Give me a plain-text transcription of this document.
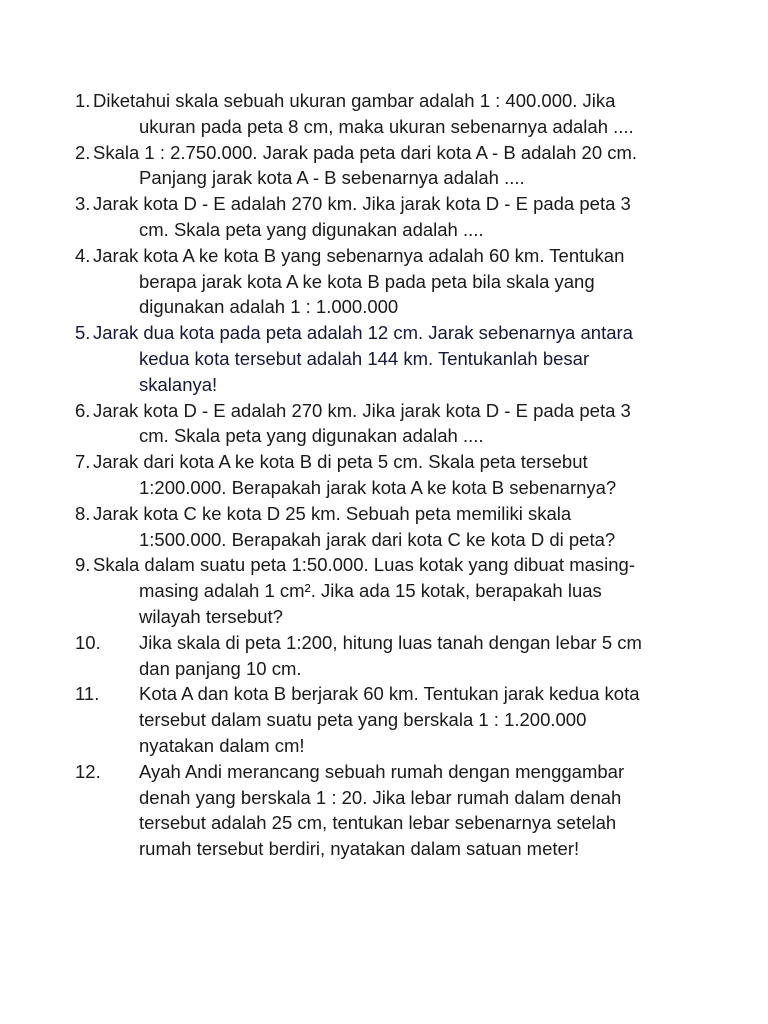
1. Diketahui skala sebuah ukuran gambar adalah 1 : 400.000. Jika
ukuran pada peta 8 cm, maka ukuran sebenarnya adalah ....
2. Skala 1 : 2.750.000. Jarak pada peta dari kota A - B adalah 20 cm.
Panjang jarak kota A - B sebenarnya adalah ....
3. Jarak kota D - E adalah 270 km. Jika jarak kota D - E pada peta 3
cm. Skala peta yang digunakan adalah ....
4. Jarak kota A ke kota B yang sebenarnya adalah 60 km. Tentukan
berapa jarak kota A ke kota B pada peta bila skala yang
digunakan adalah 1 : 1.000.000
5. Jarak dua kota pada peta adalah 12 cm. Jarak sebenarnya antara
kedua kota tersebut adalah 144 km. Tentukanlah besar
skalanya!
6. Jarak kota D - E adalah 270 km. Jika jarak kota D - E pada peta 3
cm. Skala peta yang digunakan adalah ....
7. Jarak dari kota A ke kota B di peta 5 cm. Skala peta tersebut
1:200.000. Berapakah jarak kota A ke kota B sebenarnya?
8. Jarak kota C ke kota D 25 km. Sebuah peta memiliki skala
1:500.000. Berapakah jarak dari kota C ke kota D di peta?
9. Skala dalam suatu peta 1:50.000. Luas kotak yang dibuat masing-
masing adalah 1 cm². Jika ada 15 kotak, berapakah luas
wilayah tersebut?
10. Jika skala di peta 1:200, hitung luas tanah dengan lebar 5 cm
dan panjang 10 cm.
11. Kota A dan kota B berjarak 60 km. Tentukan jarak kedua kota
tersebut dalam suatu peta yang berskala 1 : 1.200.000
nyatakan dalam cm!
12. Ayah Andi merancang sebuah rumah dengan menggambar
denah yang berskala 1 : 20. Jika lebar rumah dalam denah
tersebut adalah 25 cm, tentukan lebar sebenarnya setelah
rumah tersebut berdiri, nyatakan dalam satuan meter!
